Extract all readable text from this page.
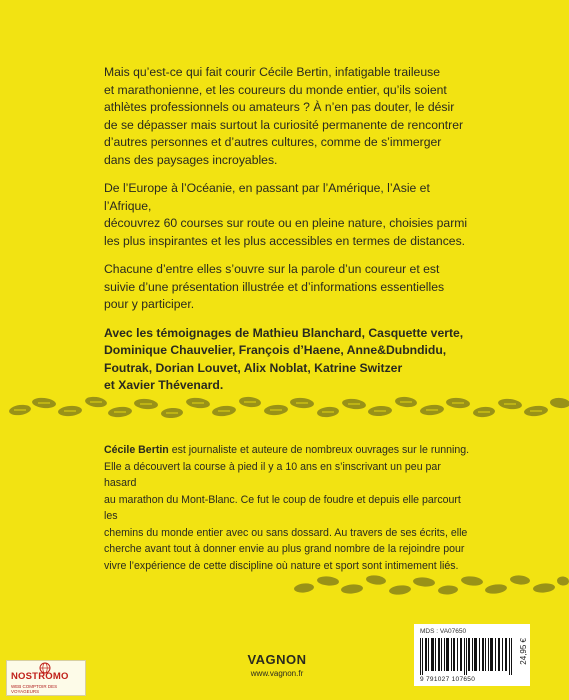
Mais qu’est-ce qui fait courir Cécile Bertin, infatigable traileuse
et marathonienne, et les coureurs du monde entier, qu’ils soient
athlètes professionnels ou amateurs ? À n’en pas douter, le désir
de se dépasser mais surtout la curiosité permanente de rencontrer
d’autres personnes et d’autres cultures, comme de s’immerger
dans des paysages incroyables.

De l’Europe à l’Océanie, en passant par l’Amérique, l’Asie et l’Afrique,
découvrez 60 courses sur route ou en pleine nature, choisies parmi
les plus inspirantes et les plus accessibles en termes de distances.

Chacune d’entre elles s’ouvre sur la parole d’un coureur et est
suivie d’une présentation illustrée et d’informations essentielles
pour y participer.

Avec les témoignages de Mathieu Blanchard, Casquette verte,
Dominique Chauvelier, François d’Haene, Anne&Dubndidu,
Foutrak, Dorian Louvet, Alix Noblat, Katrine Switzer
et Xavier Thévenard.

Cécile Bertin est journaliste et auteure de nombreux ouvrages sur le running.
Elle a découvert la course à pied il y a 10 ans en s’inscrivant un peu par hasard
au marathon du Mont-Blanc. Ce fut le coup de foudre et depuis elle parcourt les
chemins du monde entier avec ou sans dossard. Au travers de ses écrits, elle
cherche avant tout à donner envie au plus grand nombre de la rejoindre pour
vivre l’expérience de cette discipline où nature et sport sont intimement liés.

VAGNON
www.vagnon.fr
MDS : VA07650
9 791027 107650
24,95 €
NOSTROMO
WEB COMPTOIR DES VOYAGEURS
